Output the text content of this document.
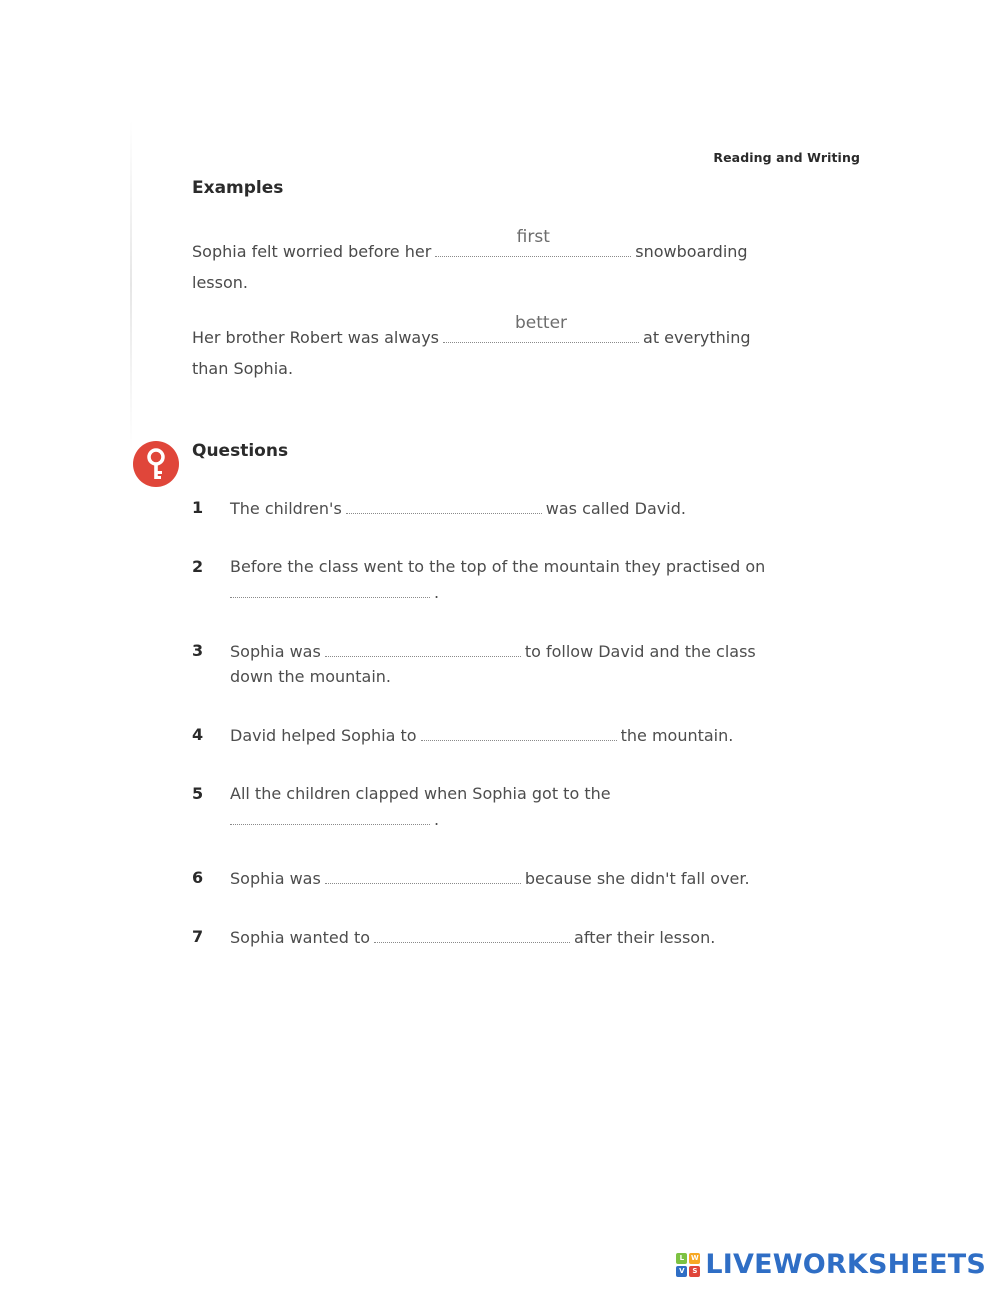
Reading and Writing
Examples
Sophia felt worried before her
first
snowboarding lesson.
Her brother Robert was always
better
at everything than Sophia.
Questions
1 The children's	was called David.
2 Before the class went to the top of the mountain they practised on
.
3 Sophia was	to follow David and the class down the mountain.
4 David helped Sophia to	the mountain.
5 All the children clapped when Sophia got to the
.
6 Sophia was	because she didn't fall over.
7 Sophia wanted to	after their lesson.
L W
V	S LIVEWORKSHEETS
